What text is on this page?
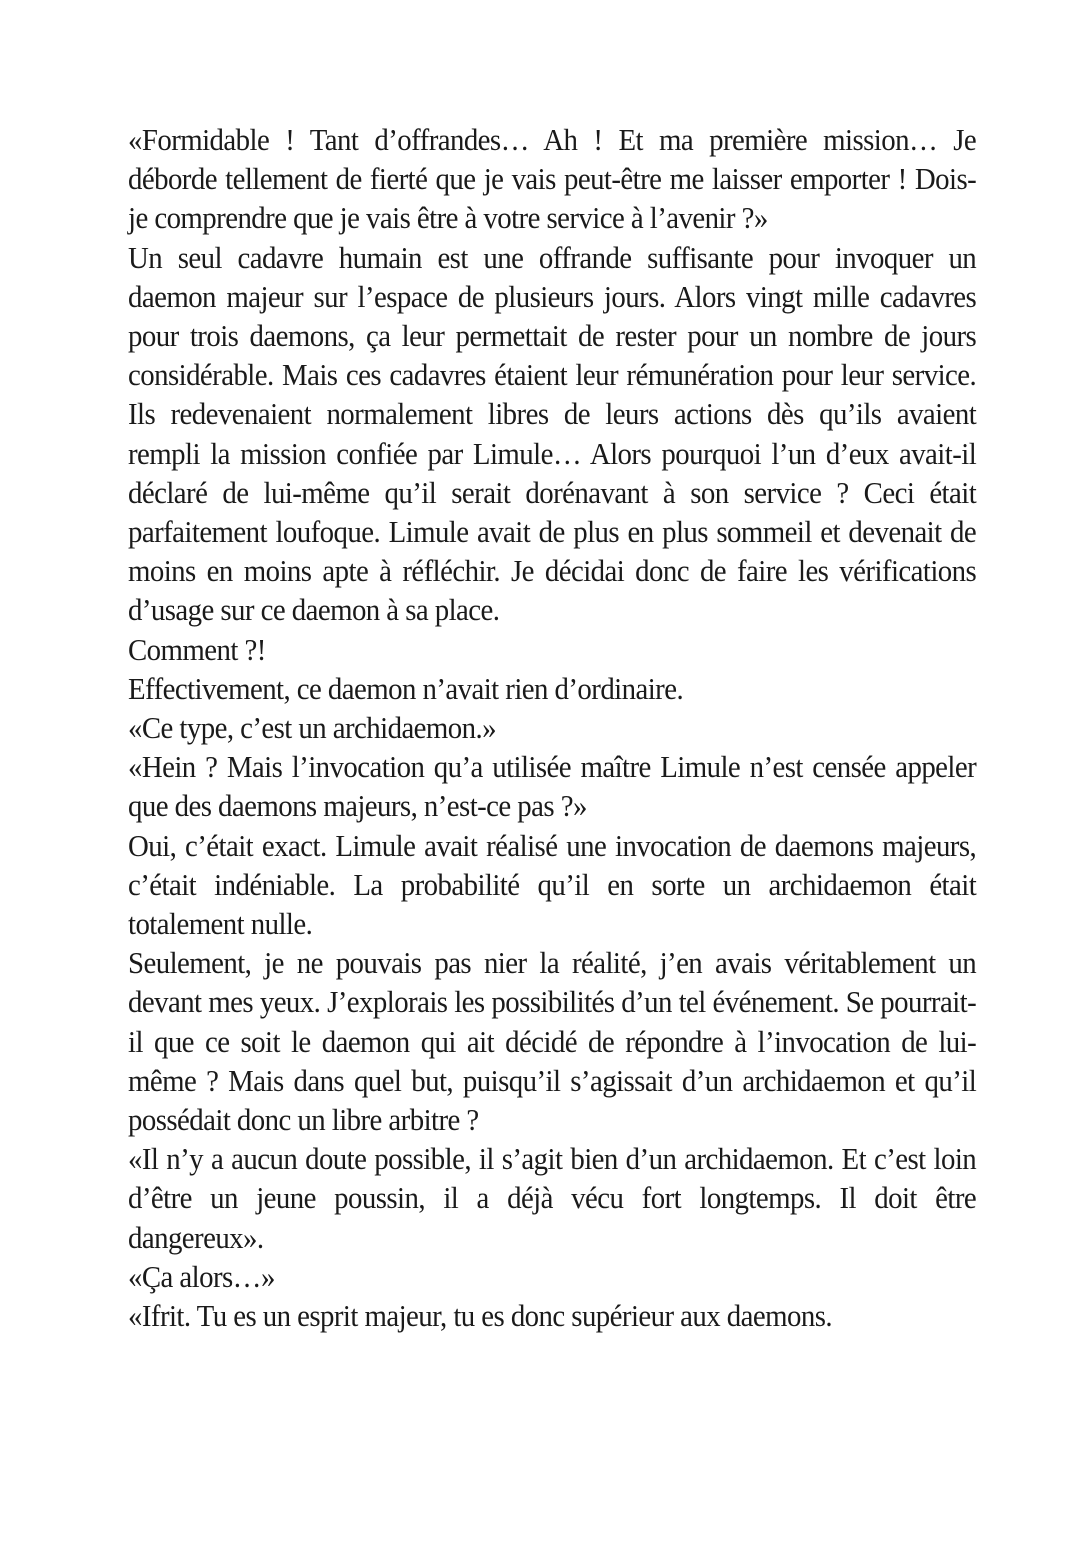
«Formidable ! Tant d’offrandes… Ah ! Et ma première mission… Je déborde tellement de fierté que je vais peut-être me laisser emporter ! Dois-je comprendre que je vais être à votre service à l’avenir ?»

Un seul cadavre humain est une offrande suffisante pour invoquer un daemon majeur sur l’espace de plusieurs jours. Alors vingt mille cadavres pour trois daemons, ça leur permettait de rester pour un nombre de jours considérable. Mais ces cadavres étaient leur rémunération pour leur service. Ils redevenaient normalement libres de leurs actions dès qu’ils avaient rempli la mission confiée par Limule… Alors pourquoi l’un d’eux avait-il déclaré de lui-même qu’il serait dorénavant à son service ? Ceci était parfaitement loufoque. Limule avait de plus en plus sommeil et devenait de moins en moins apte à réfléchir. Je décidai donc de faire les vérifications d’usage sur ce daemon à sa place.

Comment ?!

Effectivement, ce daemon n’avait rien d’ordinaire.

«Ce type, c’est un archidaemon.»

«Hein ? Mais l’invocation qu’a utilisée maître Limule n’est censée appeler que des daemons majeurs, n’est-ce pas ?»

Oui, c’était exact. Limule avait réalisé une invocation de daemons majeurs, c’était indéniable. La probabilité qu’il en sorte un archidaemon était totalement nulle.

Seulement, je ne pouvais pas nier la réalité, j’en avais véritablement un devant mes yeux. J’explorais les possibilités d’un tel événement. Se pourrait-il que ce soit le daemon qui ait décidé de répondre à l’invocation de lui-même ? Mais dans quel but, puisqu’il s’agissait d’un archidaemon et qu’il possédait donc un libre arbitre ?

«Il n’y a aucun doute possible, il s’agit bien d’un archidaemon. Et c’est loin d’être un jeune poussin, il a déjà vécu fort longtemps. Il doit être dangereux».

«Ça alors…»

«Ifrit. Tu es un esprit majeur, tu es donc supérieur aux daemons.
